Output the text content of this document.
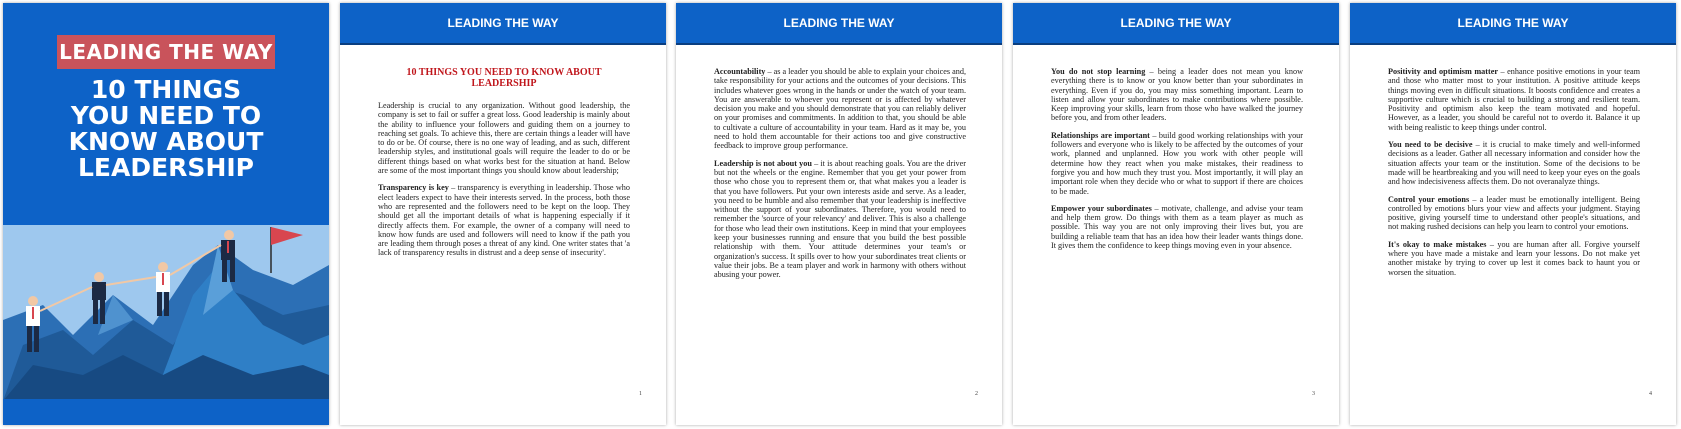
LEADING THE WAY
10 THINGS
YOU NEED TO
KNOW ABOUT
LEADERSHIP
LEADING THE WAY
10 THINGS YOU NEED TO KNOW ABOUT LEADERSHIP

Leadership is crucial to any organization. Without good leadership, the company is set to fail or suffer a great loss. Good leadership is mainly about the ability to influence your followers and guiding them on a journey to reaching set goals. To achieve this, there are certain things a leader will have to do or be. Of course, there is no one way of leading, and as such, different leadership styles, and institutional goals will require the leader to do or be different things based on what works best for the situation at hand. Below are some of the most important things you should know about leadership;

Transparency is key – transparency is everything in leadership. Those who elect leaders expect to have their interests served. In the process, both those who are represented and the followers need to be kept on the loop. They should get all the important details of what is happening especially if it directly affects them. For example, the owner of a company will need to know how funds are used and followers will need to know if the path you are leading them through poses a threat of any kind. One writer states that 'a lack of transparency results in distrust and a deep sense of insecurity'.

1
LEADING THE WAY

Accountability – as a leader you should be able to explain your choices and, take responsibility for your actions and the outcomes of your decisions. This includes whatever goes wrong in the hands or under the watch of your team. You are answerable to whoever you represent or is affected by whatever decision you make and you should demonstrate that you can reliably deliver on your promises and commitments. In addition to that, you should be able to cultivate a culture of accountability in your team. Hard as it may be, you need to hold them accountable for their actions too and give constructive feedback to improve group performance.

Leadership is not about you – it is about reaching goals. You are the driver but not the wheels or the engine. Remember that you get your power from those who chose you to represent them or, that what makes you a leader is that you have followers. Put your own interests aside and serve. As a leader, you need to be humble and also remember that your leadership is ineffective without the support of your subordinates. Therefore, you would need to remember the 'source of your relevancy' and deliver. This is also a challenge for those who lead their own institutions. Keep in mind that your employees keep your businesses running and ensure that you build the best possible relationship with them. Your attitude determines your team's or organization's success. It spills over to how your subordinates treat clients or value their jobs. Be a team player and work in harmony with others without abusing your power.

2
LEADING THE WAY

You do not stop learning – being a leader does not mean you know everything there is to know or you know better than your subordinates in everything. Even if you do, you may miss something important. Learn to listen and allow your subordinates to make contributions where possible. Keep improving your skills, learn from those who have walked the journey before you, and from other leaders.

Relationships are important – build good working relationships with your followers and everyone who is likely to be affected by the outcomes of your work, planned and unplanned. How you work with other people will determine how they react when you make mistakes, their readiness to forgive you and how much they trust you. Most importantly, it will play an important role when they decide who or what to support if there are choices to be made.

Empower your subordinates – motivate, challenge, and advise your team and help them grow. Do things with them as a team player as much as possible. This way you are not only improving their lives but, you are building a reliable team that has an idea how their leader wants things done. It gives them the confidence to keep things moving even in your absence.

3
LEADING THE WAY

Positivity and optimism matter – enhance positive emotions in your team and those who matter most to your institution. A positive attitude keeps things moving even in difficult situations. It boosts confidence and creates a supportive culture which is crucial to building a strong and resilient team. Positivity and optimism also keep the team motivated and hopeful. However, as a leader, you should be careful not to overdo it. Balance it up with being realistic to keep things under control.

You need to be decisive – it is crucial to make timely and well-informed decisions as a leader. Gather all necessary information and consider how the situation affects your team or the institution. Some of the decisions to be made will be heartbreaking and you will need to keep your eyes on the goals and how indecisiveness affects them. Do not overanalyze things.

Control your emotions – a leader must be emotionally intelligent. Being controlled by emotions blurs your view and affects your judgment. Staying positive, giving yourself time to understand other people's situations, and not making rushed decisions can help you learn to control your emotions.

It's okay to make mistakes – you are human after all. Forgive yourself where you have made a mistake and learn your lessons. Do not make yet another mistake by trying to cover up lest it comes back to haunt you or worsen the situation.

4
